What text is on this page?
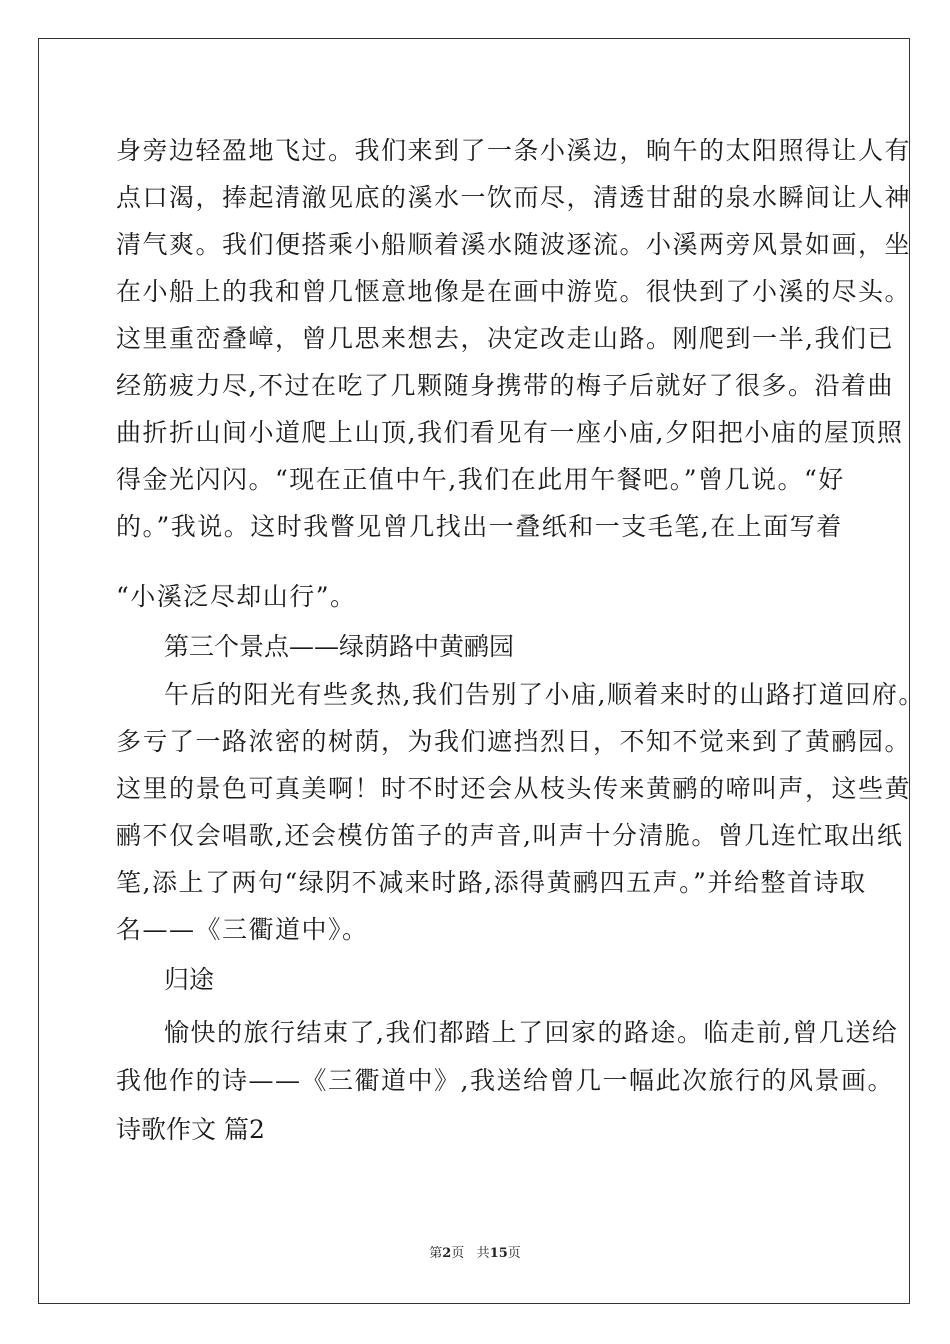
身旁边轻盈地飞过。我们来到了一条小溪边，晌午的太阳照得让人有
点口渴，捧起清澈见底的溪水一饮而尽，清透甘甜的泉水瞬间让人神
清气爽。我们便搭乘小船顺着溪水随波逐流。小溪两旁风景如画，坐
在小船上的我和曾几惬意地像是在画中游览。很快到了小溪的尽头。
这里重峦叠嶂，曾几思来想去，决定改走山路。刚爬到一半,我们已
经筋疲力尽,不过在吃了几颗随身携带的梅子后就好了很多。沿着曲
曲折折山间小道爬上山顶,我们看见有一座小庙,夕阳把小庙的屋顶照
得金光闪闪。“现在正值中午,我们在此用午餐吧。”曾几说。“好
的。”我说。这时我瞥见曾几找出一叠纸和一支毛笔,在上面写着
“小溪泛尽却山行”。
第三个景点——绿荫路中黄鹂园
午后的阳光有些炙热,我们告别了小庙,顺着来时的山路打道回府。
多亏了一路浓密的树荫，为我们遮挡烈日，不知不觉来到了黄鹂园。
这里的景色可真美啊！时不时还会从枝头传来黄鹂的啼叫声，这些黄
鹂不仅会唱歌,还会模仿笛子的声音,叫声十分清脆。曾几连忙取出纸
笔,添上了两句“绿阴不减来时路,添得黄鹂四五声。”并给整首诗取
名——《三衢道中》。
归途
愉快的旅行结束了,我们都踏上了回家的路途。临走前,曾几送给
我他作的诗——《三衢道中》,我送给曾几一幅此次旅行的风景画。
诗歌作文 篇2
第2页 共15页
